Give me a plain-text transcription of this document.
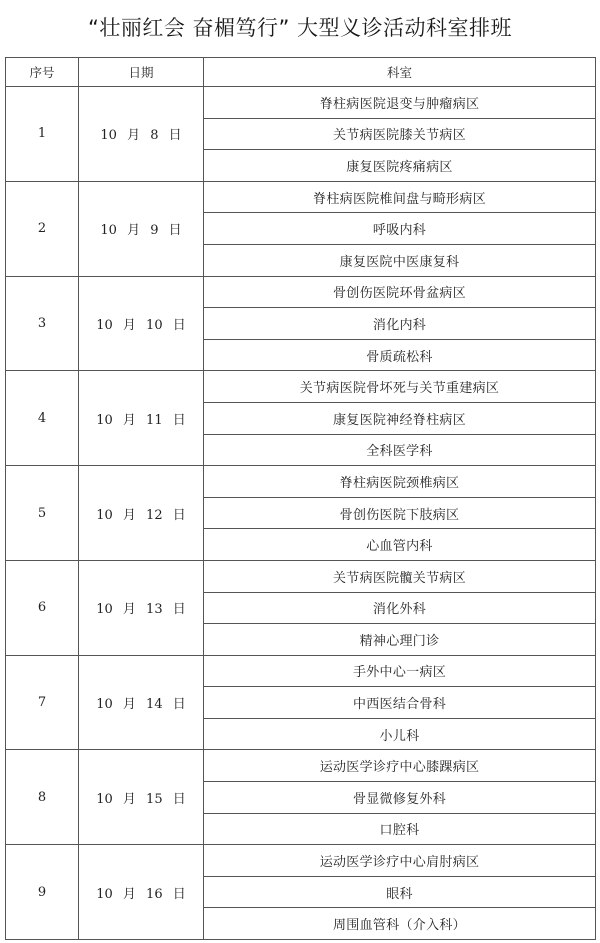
“壮丽红会 奋楣笃行” 大型义诊活动科室排班
序号	日期	科室
1	10 月 8 日	脊柱病医院退变与肿瘤病区
		关节病医院膝关节病区
		康复医院疼痛病区
2	10 月 9 日	脊柱病医院椎间盘与畸形病区
		呼吸内科
		康复医院中医康复科
3	10 月 10 日	骨创伤医院环骨盆病区
		消化内科
		骨质疏松科
4	10 月 11 日	关节病医院骨坏死与关节重建病区
		康复医院神经脊柱病区
		全科医学科
5	10 月 12 日	脊柱病医院颈椎病区
		骨创伤医院下肢病区
		心血管内科
6	10 月 13 日	关节病医院髖关节病区
		消化外科
		精神心理门诊
7	10 月 14 日	手外中心一病区
		中西医结合骨科
		小儿科
8	10 月 15 日	运动医学诊疗中心膝踝病区
		骨显微修复外科
		口腔科
9	10 月 16 日	运动医学诊疗中心肩肘病区
		眼科
		周围血管科（介入科）
